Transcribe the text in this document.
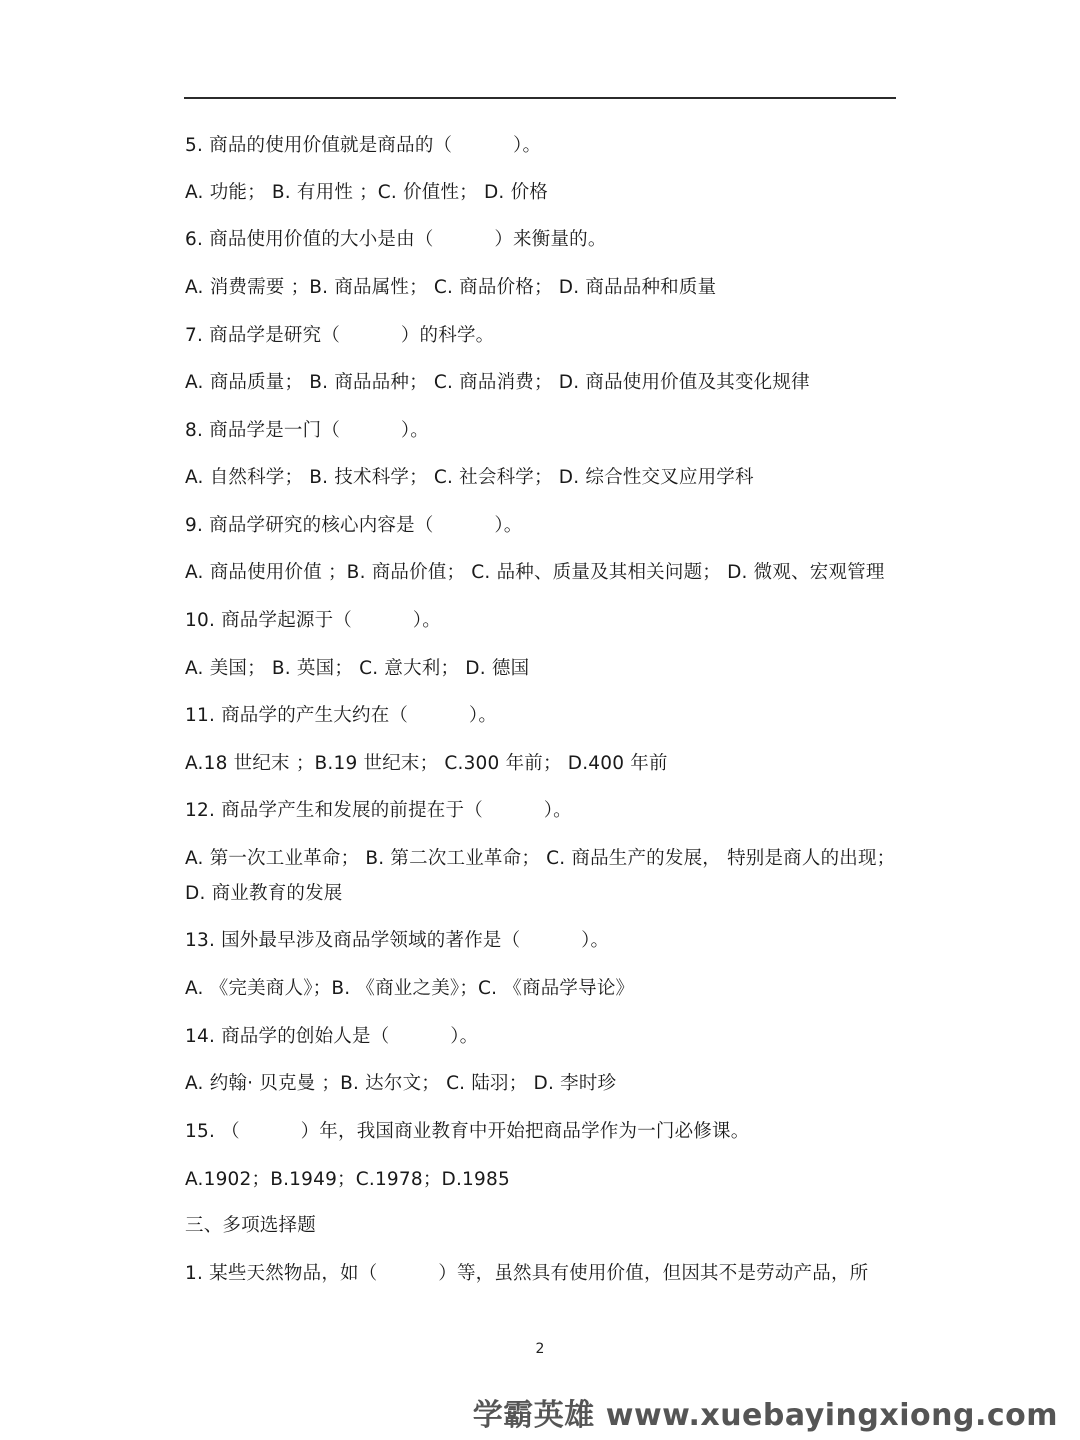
5. 商品的使用价值就是商品的（          ）。
A. 功能； B. 有用性 ；C. 价值性； D. 价格
6. 商品使用价值的大小是由（          ）来衡量的。
A. 消费需要 ；B. 商品属性； C. 商品价格； D. 商品品种和质量
7. 商品学是研究（          ）的科学。
A. 商品质量； B. 商品品种； C. 商品消费； D. 商品使用价值及其变化规律
8. 商品学是一门（          ）。
A. 自然科学； B. 技术科学； C. 社会科学； D. 综合性交叉应用学科
9. 商品学研究的核心内容是（          ）。
A. 商品使用价值 ；B. 商品价值； C. 品种、质量及其相关问题； D. 微观、宏观管理
10. 商品学起源于（          ）。
A. 美国； B. 英国； C. 意大利； D. 德国
11. 商品学的产生大约在（          ）。
A.18 世纪末 ；B.19 世纪末； C.300 年前； D.400 年前
12. 商品学产生和发展的前提在于（          ）。
A. 第一次工业革命； B. 第二次工业革命； C. 商品生产的发展， 特别是商人的出现；
D. 商业教育的发展
13. 国外最早涉及商品学领域的著作是（          ）。
A. 《完美商人》；B. 《商业之美》；C. 《商品学导论》
14. 商品学的创始人是（          ）。
A. 约翰· 贝克曼 ；B. 达尔文； C. 陆羽； D. 李时珍
15. （          ）年，我国商业教育中开始把商品学作为一门必修课。
A.1902；B.1949；C.1978；D.1985
三、多项选择题
1. 某些天然物品，如（          ）等，虽然具有使用价值，但因其不是劳动产品，所
2
学霸英雄 www.xuebayingxiong.com
